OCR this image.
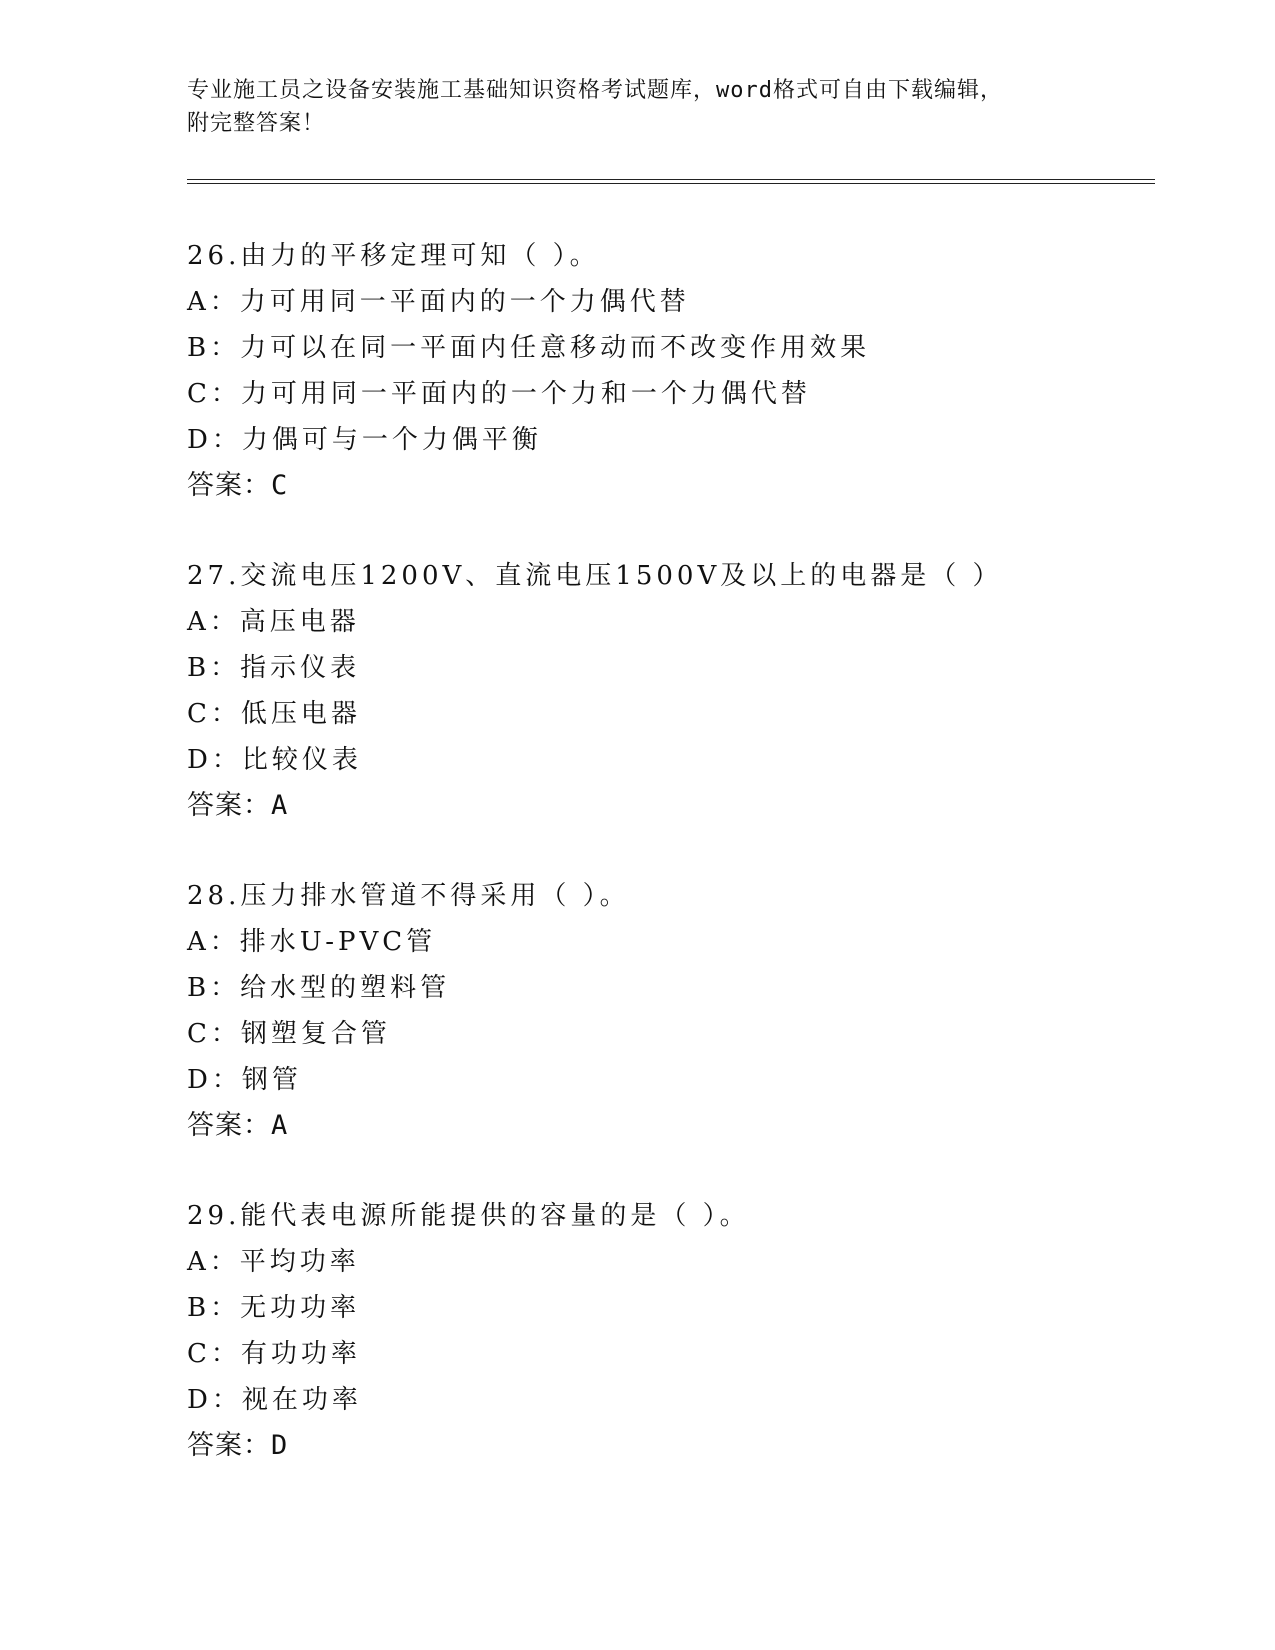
专业施工员之设备安装施工基础知识资格考试题库，word格式可自由下载编辑，

附完整答案！

26.由力的平移定理可知（ ）。
A：力可用同一平面内的一个力偶代替
B：力可以在同一平面内任意移动而不改变作用效果
C：力可用同一平面内的一个力和一个力偶代替
D：力偶可与一个力偶平衡
答案：C
27.交流电压1200V、直流电压1500V及以上的电器是（ ）
A：高压电器
B：指示仪表
C：低压电器
D：比较仪表
答案：A
28.压力排水管道不得采用（ ）。
A：排水U-PVC管
B：给水型的塑料管
C：钢塑复合管
D：钢管
答案：A
29.能代表电源所能提供的容量的是（ ）。
A：平均功率
B：无功功率
C：有功功率
D：视在功率
答案：D
